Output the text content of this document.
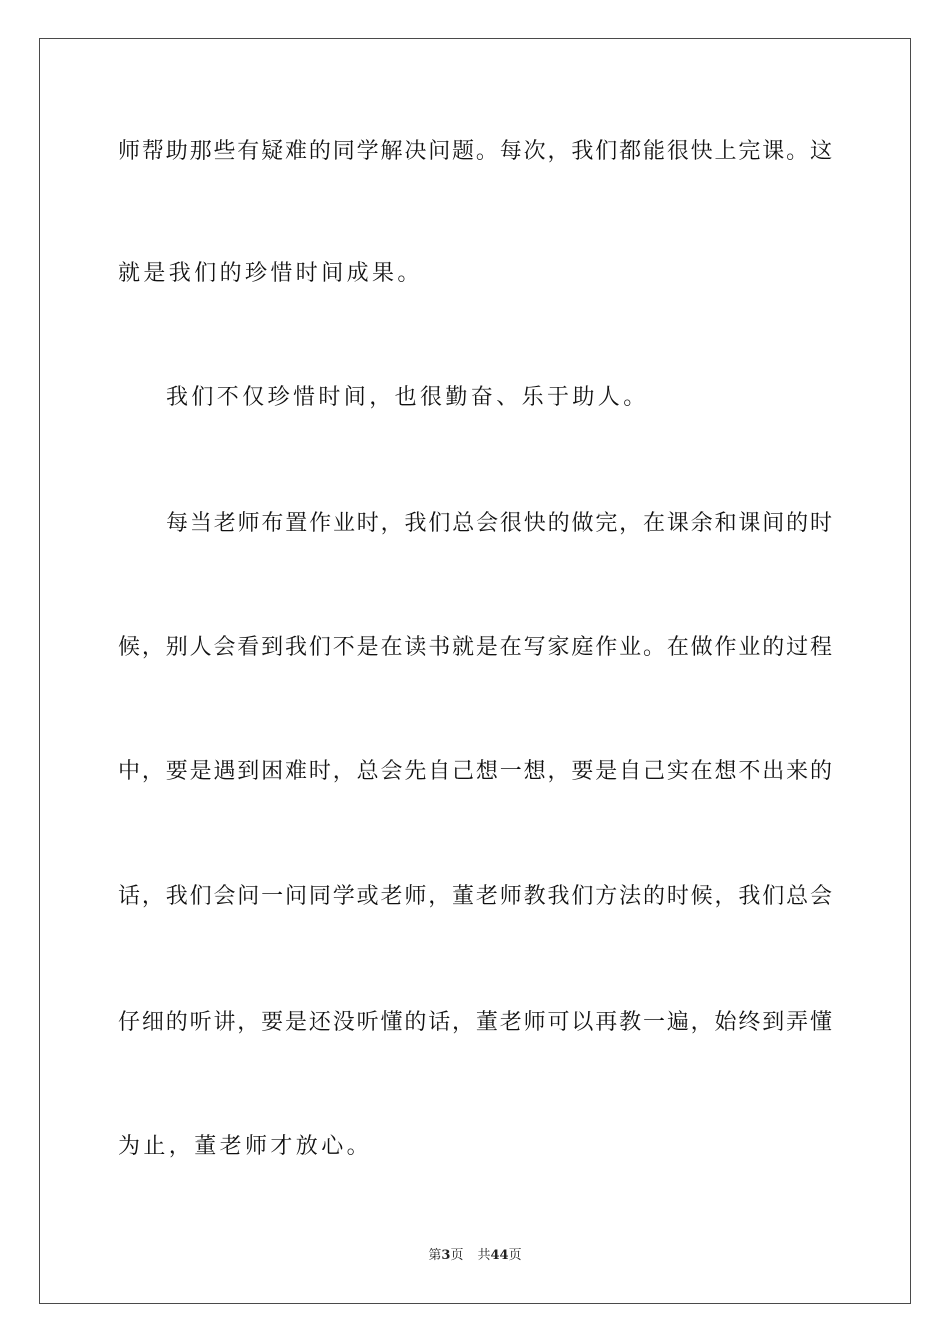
师帮助那些有疑难的同学解决问题。每次，我们都能很快上完课。这
就是我们的珍惜时间成果。
我们不仅珍惜时间，也很勤奋、乐于助人。
每当老师布置作业时，我们总会很快的做完，在课余和课间的时
候，别人会看到我们不是在读书就是在写家庭作业。在做作业的过程
中，要是遇到困难时，总会先自己想一想，要是自己实在想不出来的
话，我们会问一问同学或老师，董老师教我们方法的时候，我们总会
仔细的听讲，要是还没听懂的话，董老师可以再教一遍，始终到弄懂
为止，董老师才放心。
第3页 共44页
